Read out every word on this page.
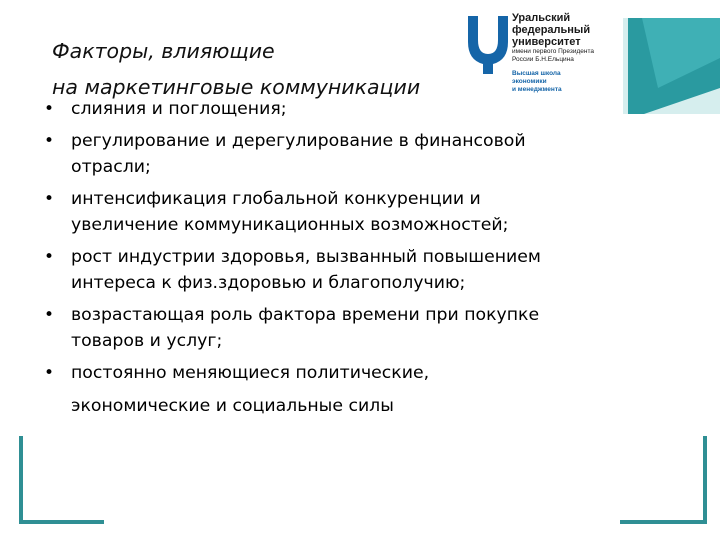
Факторы, влияющие
на маркетинговые коммуникации
Уральский
федеральный
университет
имени первого Президента
России Б.Н.Ельцина
Высшая школа
экономики
и менеджмента
• слияния и поглощения;
• регулирование и дерегулирование в финансовой
отрасли;
• интенсификация глобальной конкуренции и
увеличение коммуникационных возможностей;
• рост индустрии здоровья, вызванный повышением
интереса к физ.здоровью и благополучию;
• возрастающая роль фактора времени при покупке
товаров и услуг;
• постоянно меняющиеся политические,
экономические и социальные силы
